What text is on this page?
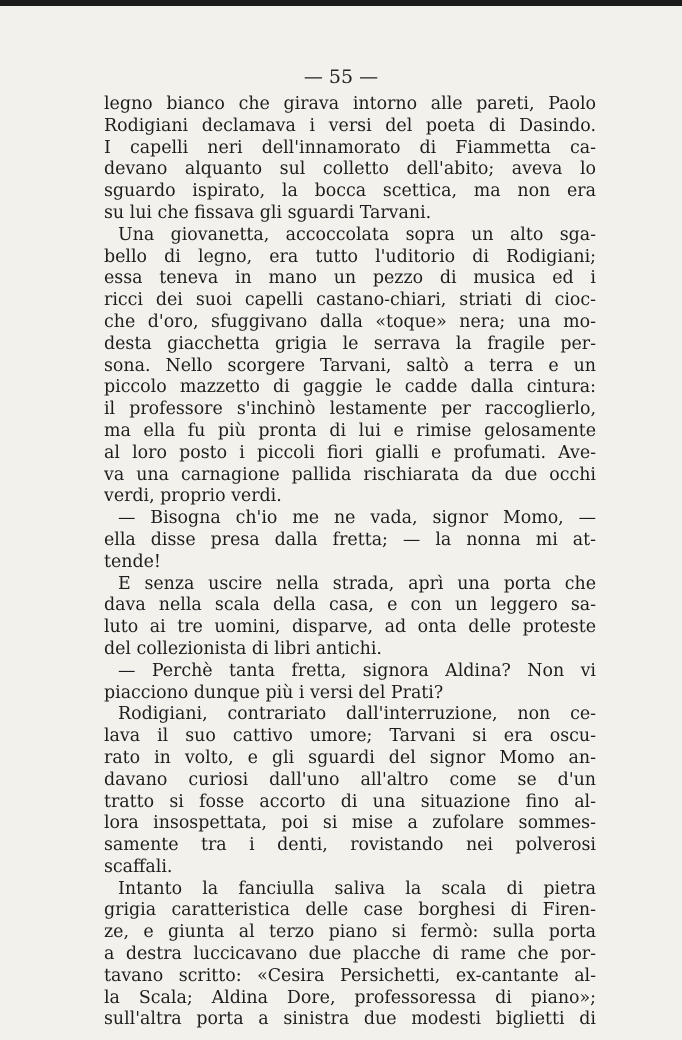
— 55 —
legno bianco che girava intorno alle pareti, Paolo
Rodigiani declamava i versi del poeta di Dasindo.
I capelli neri dell'innamorato di Fiammetta ca-
devano alquanto sul colletto dell'abito; aveva lo
sguardo ispirato, la bocca scettica, ma non era
su lui che fissava gli sguardi Tarvani.
Una giovanetta, accoccolata sopra un alto sga-
bello di legno, era tutto l'uditorio di Rodigiani;
essa teneva in mano un pezzo di musica ed i
ricci dei suoi capelli castano-chiari, striati di cioc-
che d'oro, sfuggivano dalla «toque» nera; una mo-
desta giacchetta grigia le serrava la fragile per-
sona. Nello scorgere Tarvani, saltò a terra e un
piccolo mazzetto di gaggie le cadde dalla cintura:
il professore s'inchinò lestamente per raccoglierlo,
ma ella fu più pronta di lui e rimise gelosamente
al loro posto i piccoli fiori gialli e profumati. Ave-
va una carnagione pallida rischiarata da due occhi
verdi, proprio verdi.
— Bisogna ch'io me ne vada, signor Momo, —
ella disse presa dalla fretta; — la nonna mi at-
tende!
E senza uscire nella strada, aprì una porta che
dava nella scala della casa, e con un leggero sa-
luto ai tre uomini, disparve, ad onta delle proteste
del collezionista di libri antichi.
— Perchè tanta fretta, signora Aldina? Non vi
piacciono dunque più i versi del Prati?
Rodigiani, contrariato dall'interruzione, non ce-
lava il suo cattivo umore; Tarvani si era oscu-
rato in volto, e gli sguardi del signor Momo an-
davano curiosi dall'uno all'altro come se d'un
tratto si fosse accorto di una situazione fino al-
lora insospettata, poi si mise a zufolare sommes-
samente tra i denti, rovistando nei polverosi
scaffali.
Intanto la fanciulla saliva la scala di pietra
grigia caratteristica delle case borghesi di Firen-
ze, e giunta al terzo piano si fermò: sulla porta
a destra luccicavano due placche di rame che por-
tavano scritto: «Cesira Persichetti, ex-cantante al-
la Scala; Aldina Dore, professoressa di piano»;
sull'altra porta a sinistra due modesti biglietti di
